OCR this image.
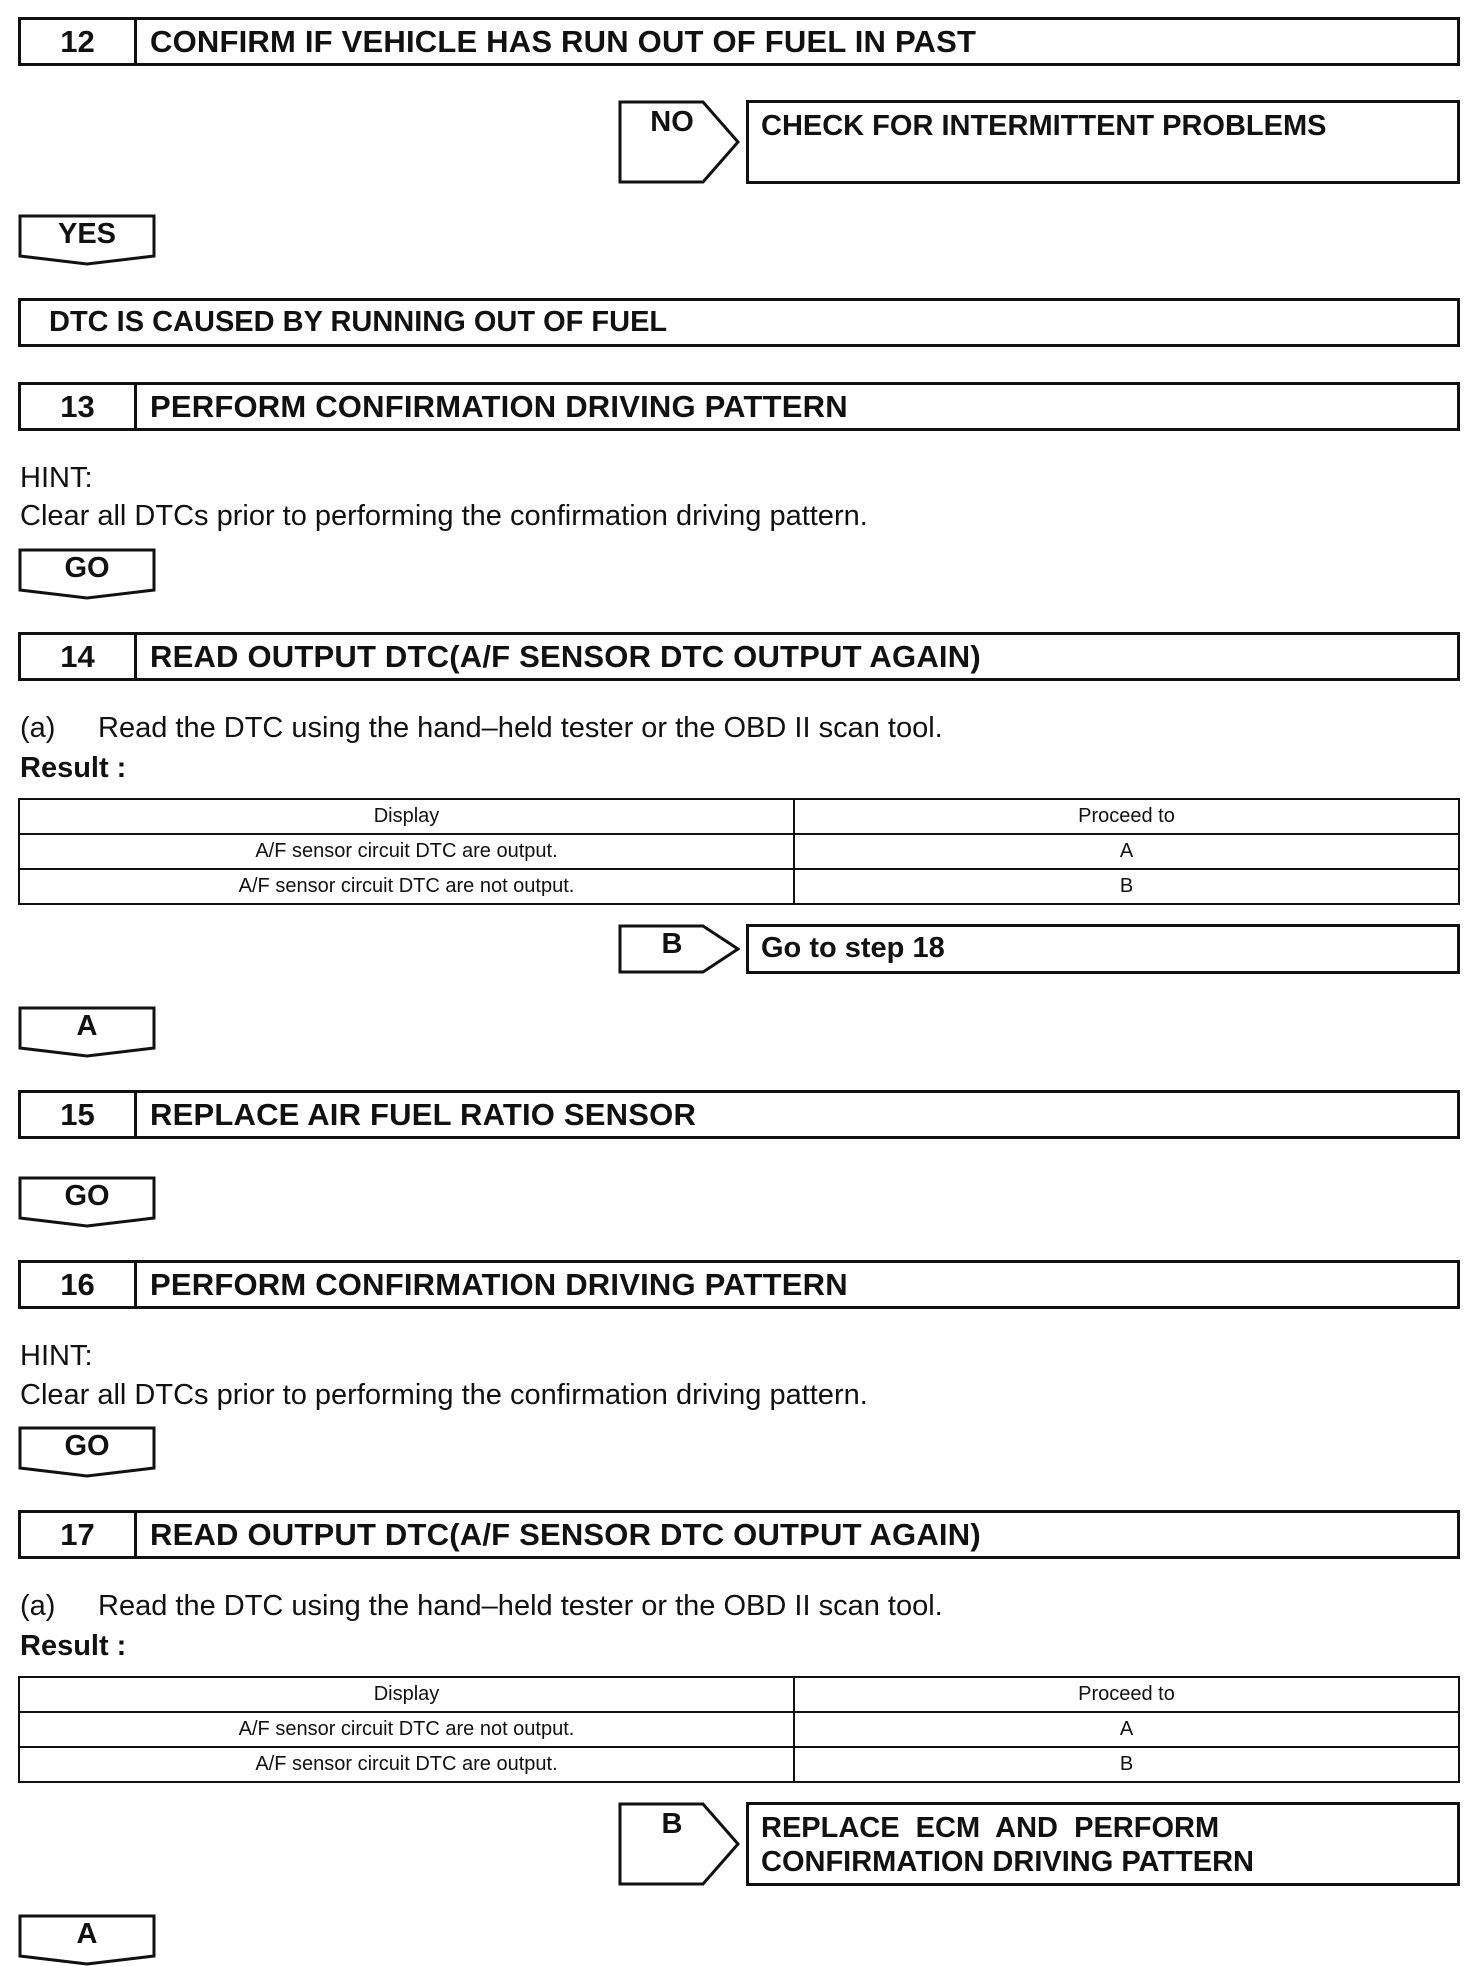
12	CONFIRM IF VEHICLE HAS RUN OUT OF FUEL IN PAST
NO	CHECK FOR INTERMITTENT PROBLEMS
YES
DTC IS CAUSED BY RUNNING OUT OF FUEL
13	PERFORM CONFIRMATION DRIVING PATTERN
HINT:
Clear all DTCs prior to performing the confirmation driving pattern.
GO
14	READ OUTPUT DTC(A/F SENSOR DTC OUTPUT AGAIN)
(a) Read the DTC using the hand–held tester or the OBD II scan tool.
Result :
Display	Proceed to
A/F sensor circuit DTC are output.	A
A/F sensor circuit DTC are not output.	B
B	Go to step 18
A
15	REPLACE AIR FUEL RATIO SENSOR
GO
16	PERFORM CONFIRMATION DRIVING PATTERN
HINT:
Clear all DTCs prior to performing the confirmation driving pattern.
GO
17	READ OUTPUT DTC(A/F SENSOR DTC OUTPUT AGAIN)
(a) Read the DTC using the hand–held tester or the OBD II scan tool.
Result :
Display	Proceed to
A/F sensor circuit DTC are not output.	A
A/F sensor circuit DTC are output.	B
B	REPLACE  ECM  AND  PERFORM
CONFIRMATION DRIVING PATTERN
A
